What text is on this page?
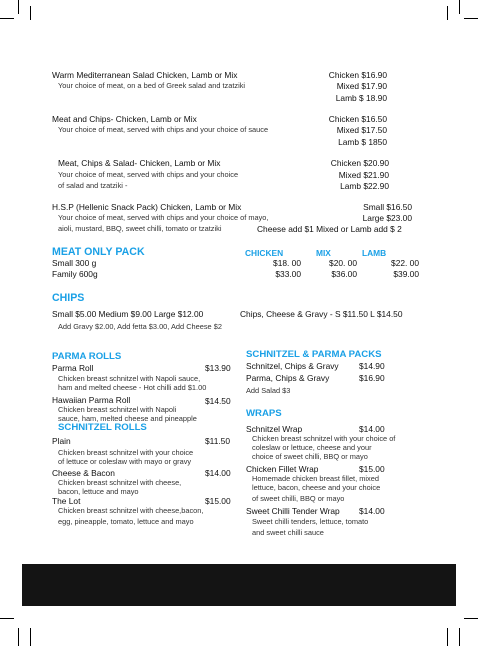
Warm Mediterranean Salad Chicken, Lamb or Mix
Your choice of meat, on a bed of Greek salad and tzatziki
Chicken $16.90
Mixed $17.90
Lamb $ 18.90
Meat and Chips- Chicken, Lamb or Mix
Your choice of meat, served with chips and your choice of sauce
Chicken $16.50
Mixed $17.50
Lamb $ 1850
Meat, Chips & Salad- Chicken, Lamb or Mix
Your choice of meat, served with chips and your choice
of salad and tzatziki -
Chicken $20.90
Mixed $21.90
Lamb $22.90
H.S.P (Hellenic Snack Pack) Chicken, Lamb or Mix
Your choice of meat, served with chips and your choice of mayo,
aioli, mustard, BBQ, sweet chilli, tomato or tzatziki
Small $16.50
Large $23.00
Cheese add $1 Mixed or Lamb add $ 2
MEAT ONLY PACK	CHICKEN	MIX	LAMB
Small 300 g	$18. 00	$20. 00	$22. 00
Family 600g	$33.00	$36.00	$39.00
CHIPS
Small $5.00 Medium $9.00 Large $12.00	Chips, Cheese & Gravy - S $11.50 L $14.50
Add Gravy $2.00, Add fetta $3.00, Add Cheese $2
PARMA ROLLS
Parma Roll	$13.90
Chicken breast schnitzel with Napoli sauce,
ham and melted cheese - Hot chilli add $1.00
Hawaiian Parma Roll	$14.50
Chicken breast schnitzel with Napoli
sauce, ham, melted cheese and pineapple
SCHNITZEL ROLLS
Plain	$11.50
Chicken breast schnitzel with your choice
of lettuce or coleslaw with mayo or gravy
Cheese & Bacon	$14.00
Chicken breast schnitzel with cheese,
bacon, lettuce and mayo
The Lot	$15.00
Chicken breast schnitzel with cheese,bacon,
egg, pineapple, tomato, lettuce and mayo
SCHNITZEL & PARMA PACKS
Schnitzel, Chips & Gravy $14.90
Parma, Chips & Gravy	$16.90
Add Salad $3
WRAPS
Schnitzel Wrap	$14.00
Chicken breast schnitzel with your choice of
coleslaw or lettuce, cheese and your
choice of sweet chilli, BBQ or mayo
Chicken Fillet Wrap	$15.00
Homemade chicken breast fillet, mixed
lettuce, bacon, cheese and your choice
of sweet chilli, BBQ or mayo
Sweet Chilli Tender Wrap $14.00
Sweet chilli tenders, lettuce, tomato
and sweet chilli sauce
